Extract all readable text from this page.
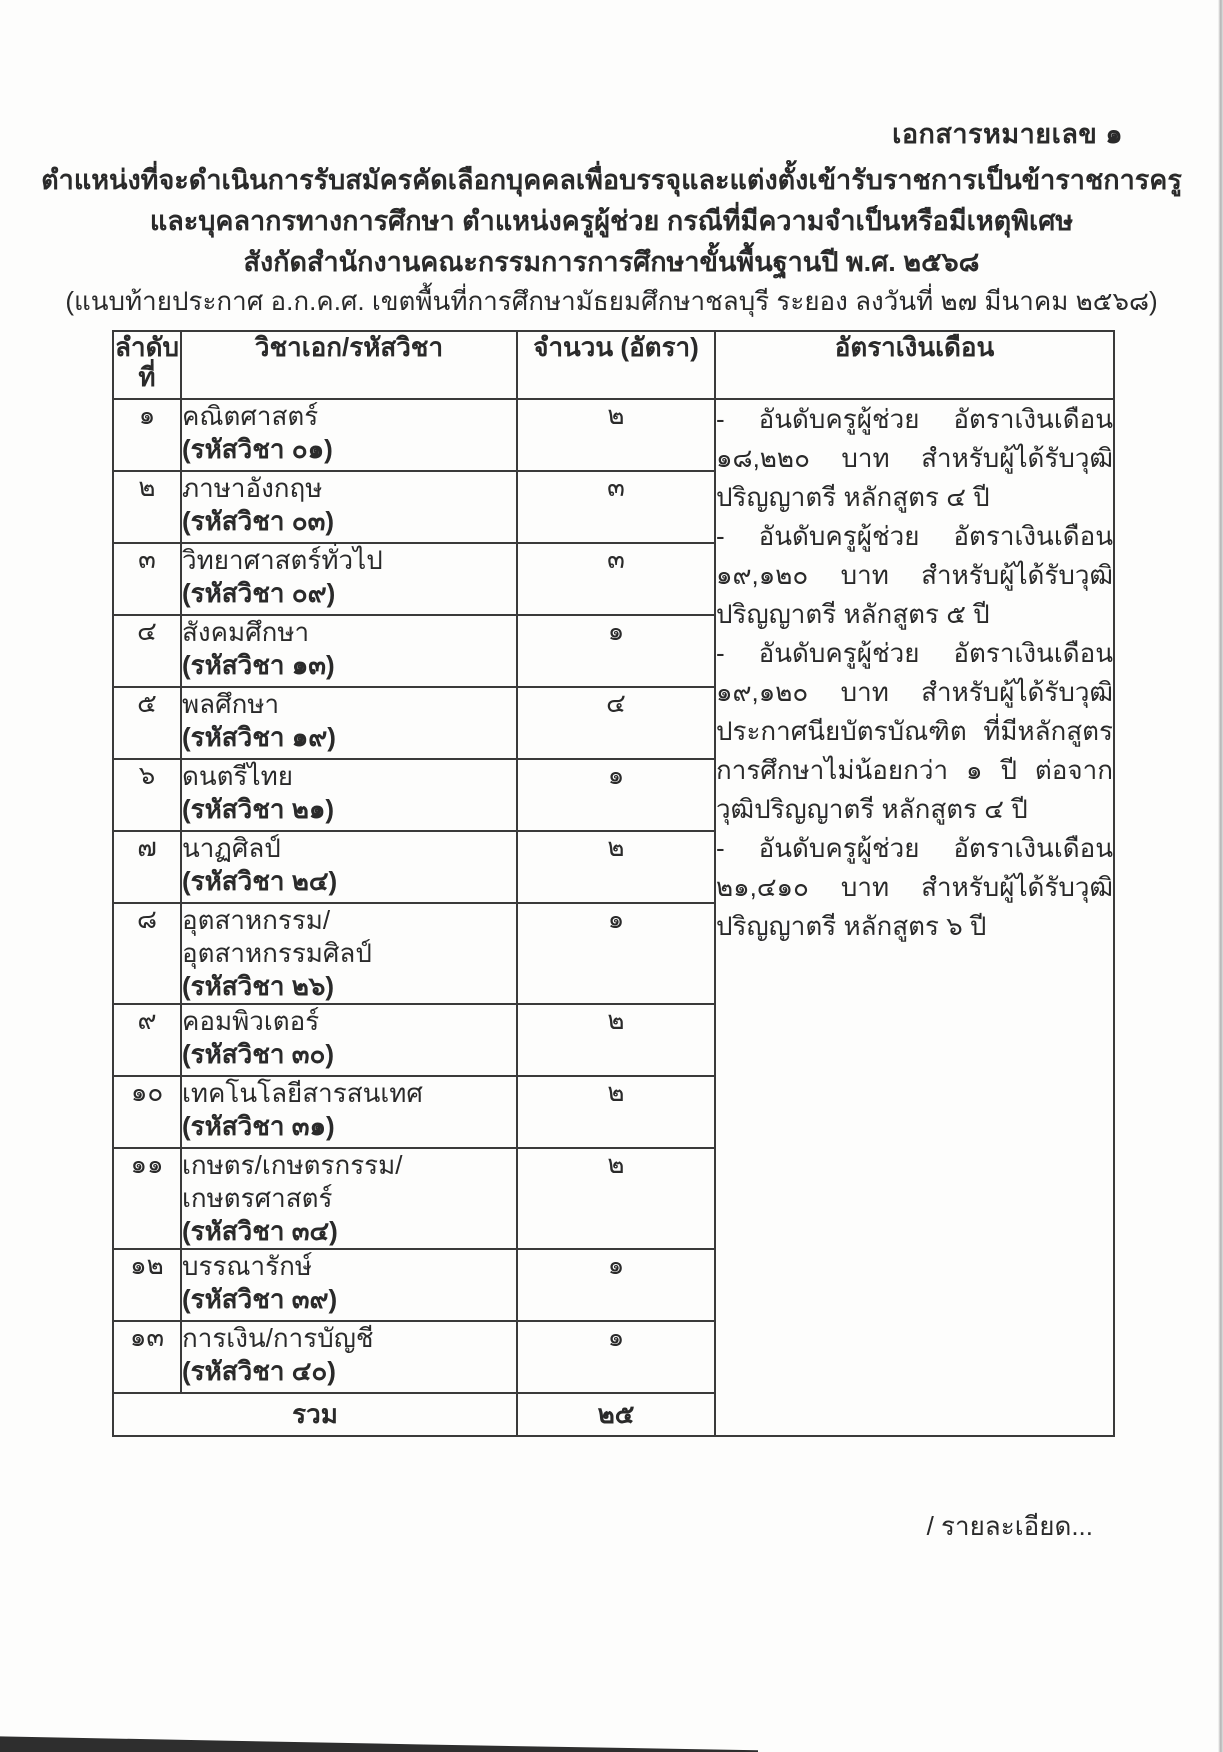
เอกสารหมายเลข ๑
ตำแหน่งที่จะดำเนินการรับสมัครคัดเลือกบุคคลเพื่อบรรจุและแต่งตั้งเข้ารับราชการเป็นข้าราชการครู
และบุคลากรทางการศึกษา ตำแหน่งครูผู้ช่วย กรณีที่มีความจำเป็นหรือมีเหตุพิเศษ
สังกัดสำนักงานคณะกรรมการการศึกษาขั้นพื้นฐานปี พ.ศ. ๒๕๖๘
(แนบท้ายประกาศ อ.ก.ค.ศ. เขตพื้นที่การศึกษามัธยมศึกษาชลบุรี ระยอง ลงวันที่ ๒๗ มีนาคม ๒๕๖๘)
ลำดับ
ที่	วิชาเอก/รหัสวิชา	จำนวน (อัตรา)	อัตราเงินเดือน
๑	คณิตศาสตร์
(รหัสวิชา ๐๑)
	๒	- อันดับครูผู้ช่วย อัตราเงินเดือน ๑๘,๒๒๐ บาท สำหรับผู้ได้รับวุฒิปริญญาตรี หลักสูตร ๔ ปี

- อันดับครูผู้ช่วย อัตราเงินเดือน ๑๙,๑๒๐ บาท สำหรับผู้ได้รับวุฒิปริญญาตรี หลักสูตร ๕ ปี

- อันดับครูผู้ช่วย อัตราเงินเดือน ๑๙,๑๒๐ บาท สำหรับผู้ได้รับวุฒิประกาศนียบัตรบัณฑิต ที่มีหลักสูตรการศึกษาไม่น้อยกว่า ๑ ปี ต่อจากวุฒิปริญญาตรี หลักสูตร ๔ ปี

- อันดับครูผู้ช่วย อัตราเงินเดือน ๒๑,๔๑๐ บาท สำหรับผู้ได้รับวุฒิปริญญาตรี หลักสูตร ๖ ปี

๒	ภาษาอังกฤษ
(รหัสวิชา ๐๓)	๓	
๓	วิทยาศาสตร์ทั่วไป
(รหัสวิชา ๐๙)	๓	
๔	สังคมศึกษา
(รหัสวิชา ๑๓)	๑	
๕	พลศึกษา
(รหัสวิชา ๑๙)	๔	
๖	ดนตรีไทย
(รหัสวิชา ๒๑)	๑	
๗	นาฏศิลป์
(รหัสวิชา ๒๔)	๒	
๘	อุตสาหกรรม/อุตสาหกรรมศิลป์
(รหัสวิชา ๒๖)	๑	
๙	คอมพิวเตอร์
(รหัสวิชา ๓๐)	๒	
๑๐	เทคโนโลยีสารสนเทศ
(รหัสวิชา ๓๑)	๒	
๑๑	เกษตร/เกษตรกรรม/เกษตรศาสตร์
(รหัสวิชา ๓๔)	๒	
๑๒	บรรณารักษ์
(รหัสวิชา ๓๙)	๑	
๑๓	การเงิน/การบัญชี
(รหัสวิชา ๔๐)	๑	
รวม		๒๕	
/ รายละเอียด...
